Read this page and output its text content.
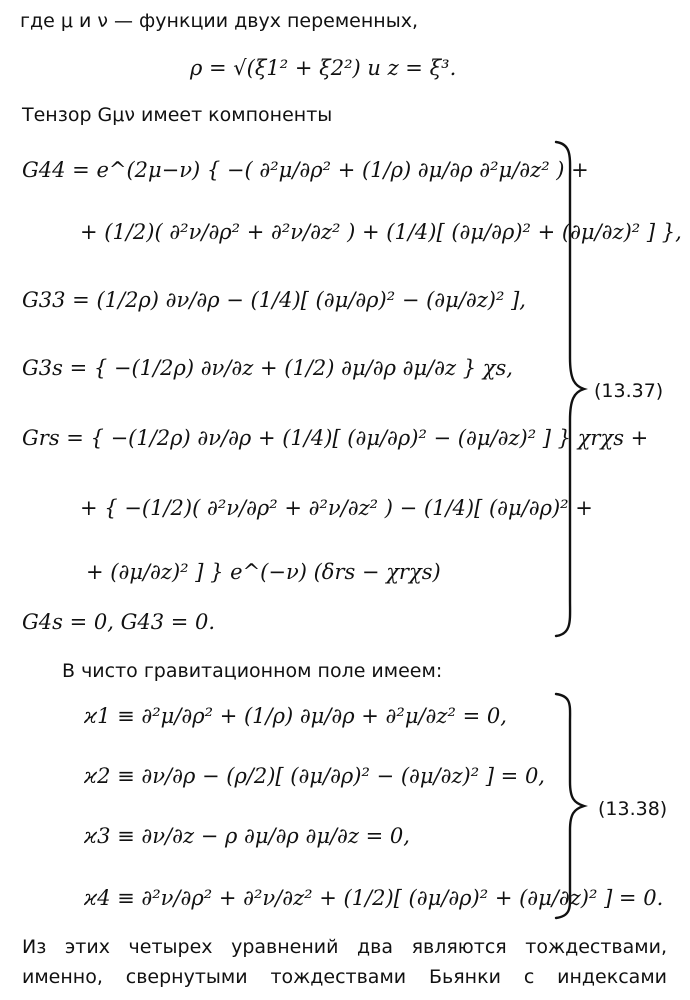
где μ и ν — функции двух переменных,
ρ = √(ξ1² + ξ2²) и z = ξ³.
Тензор Gμν имеет компоненты
G44 = e^(2μ−ν) { −( ∂²μ/∂ρ² + (1/ρ) ∂μ/∂ρ ∂²μ/∂z² ) +
+ (1/2)( ∂²ν/∂ρ² + ∂²ν/∂z² ) + (1/4)[ (∂μ/∂ρ)² + (∂μ/∂z)² ] },
G33 = (1/2ρ) ∂ν/∂ρ − (1/4)[ (∂μ/∂ρ)² − (∂μ/∂z)² ],
G3s = { −(1/2ρ) ∂ν/∂z + (1/2) ∂μ/∂ρ ∂μ/∂z } χs,
Grs = { −(1/2ρ) ∂ν/∂ρ + (1/4)[ (∂μ/∂ρ)² − (∂μ/∂z)² ] } χrχs +
+ { −(1/2)( ∂²ν/∂ρ² + ∂²ν/∂z² ) − (1/4)[ (∂μ/∂ρ)² +
+ (∂μ/∂z)² ] } e^(−ν) (δrs − χrχs)
G4s = 0, G43 = 0.
(13.37)
В чисто гравитационном поле имеем:
ϰ1 ≡ ∂²μ/∂ρ² + (1/ρ) ∂μ/∂ρ + ∂²μ/∂z² = 0,
ϰ2 ≡ ∂ν/∂ρ − (ρ/2)[ (∂μ/∂ρ)² − (∂μ/∂z)² ] = 0,
ϰ3 ≡ ∂ν/∂z − ρ ∂μ/∂ρ ∂μ/∂z = 0,
ϰ4 ≡ ∂²ν/∂ρ² + ∂²ν/∂z² + (1/2)[ (∂μ/∂ρ)² + (∂μ/∂z)² ] = 0.
(13.38)
Из этих четырех уравнений два являются тождествами,
именно, свернутыми тождествами Бьянки с индексами
